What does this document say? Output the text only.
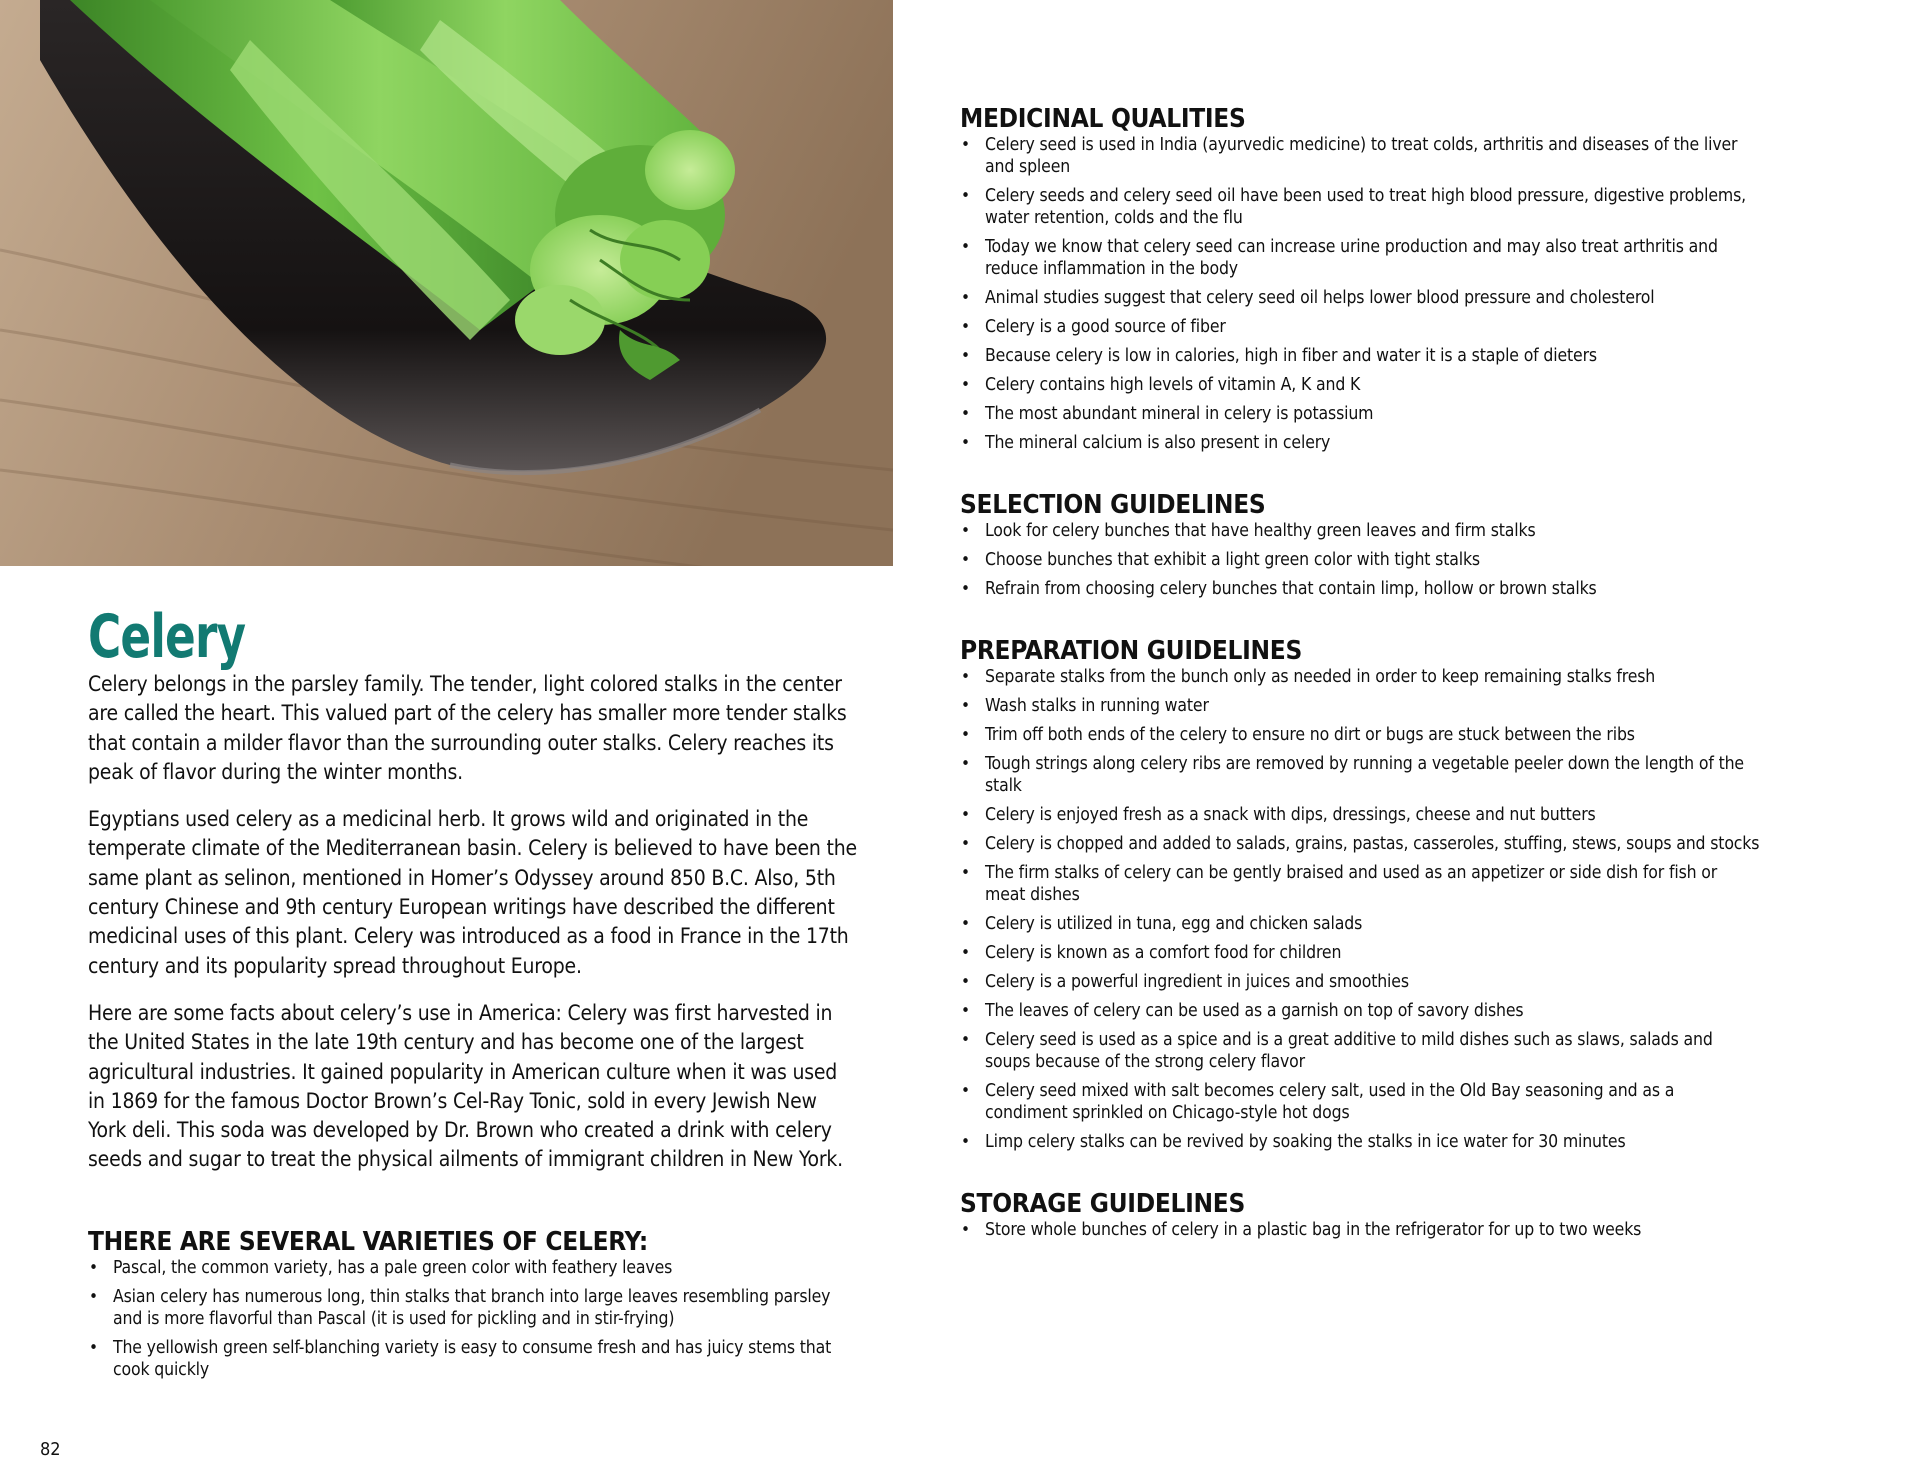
Celery

Celery belongs in the parsley family. The tender, light colored stalks in the center are called the heart. This valued part of the celery has smaller more tender stalks that contain a milder flavor than the surrounding outer stalks. Celery reaches its peak of flavor during the winter months.

Egyptians used celery as a medicinal herb. It grows wild and originated in the temperate climate of the Mediterranean basin. Celery is believed to have been the same plant as selinon, mentioned in Homer’s Odyssey around 850 B.C. Also, 5th century Chinese and 9th century European writings have described the different medicinal uses of this plant. Celery was introduced as a food in France in the 17th century and its popularity spread throughout Europe.

Here are some facts about celery’s use in America: Celery was first harvested in the United States in the late 19th century and has become one of the largest agricultural industries. It gained popularity in American culture when it was used in 1869 for the famous Doctor Brown’s Cel-Ray Tonic, sold in every Jewish New York deli. This soda was developed by Dr. Brown who created a drink with celery seeds and sugar to treat the physical ailments of immigrant children in New York.

THERE ARE SEVERAL VARIETIES OF CELERY:
• Pascal, the common variety, has a pale green color with feathery leaves
• Asian celery has numerous long, thin stalks that branch into large leaves resembling parsley and is more flavorful than Pascal (it is used for pickling and in stir-frying)
• The yellowish green self-blanching variety is easy to consume fresh and has juicy stems that cook quickly
MEDICINAL QUALITIES
• Celery seed is used in India (ayurvedic medicine) to treat colds, arthritis and diseases of the liver and spleen
• Celery seeds and celery seed oil have been used to treat high blood pressure, digestive problems, water retention, colds and the flu
• Today we know that celery seed can increase urine production and may also treat arthritis and reduce inflammation in the body
• Animal studies suggest that celery seed oil helps lower blood pressure and cholesterol
• Celery is a good source of fiber
• Because celery is low in calories, high in fiber and water it is a staple of dieters
• Celery contains high levels of vitamin A, K and K
• The most abundant mineral in celery is potassium
• The mineral calcium is also present in celery
SELECTION GUIDELINES
• Look for celery bunches that have healthy green leaves and firm stalks
• Choose bunches that exhibit a light green color with tight stalks
• Refrain from choosing celery bunches that contain limp, hollow or brown stalks
PREPARATION GUIDELINES
• Separate stalks from the bunch only as needed in order to keep remaining stalks fresh
• Wash stalks in running water
• Trim off both ends of the celery to ensure no dirt or bugs are stuck between the ribs
• Tough strings along celery ribs are removed by running a vegetable peeler down the length of the stalk
• Celery is enjoyed fresh as a snack with dips, dressings, cheese and nut butters
• Celery is chopped and added to salads, grains, pastas, casseroles, stuffing, stews, soups and stocks
• The firm stalks of celery can be gently braised and used as an appetizer or side dish for fish or meat dishes
• Celery is utilized in tuna, egg and chicken salads
• Celery is known as a comfort food for children
• Celery is a powerful ingredient in juices and smoothies
• The leaves of celery can be used as a garnish on top of savory dishes
• Celery seed is used as a spice and is a great additive to mild dishes such as slaws, salads and soups because of the strong celery flavor
• Celery seed mixed with salt becomes celery salt, used in the Old Bay seasoning and as a condiment sprinkled on Chicago-style hot dogs
• Limp celery stalks can be revived by soaking the stalks in ice water for 30 minutes
STORAGE GUIDELINES
• Store whole bunches of celery in a plastic bag in the refrigerator for up to two weeks
82
